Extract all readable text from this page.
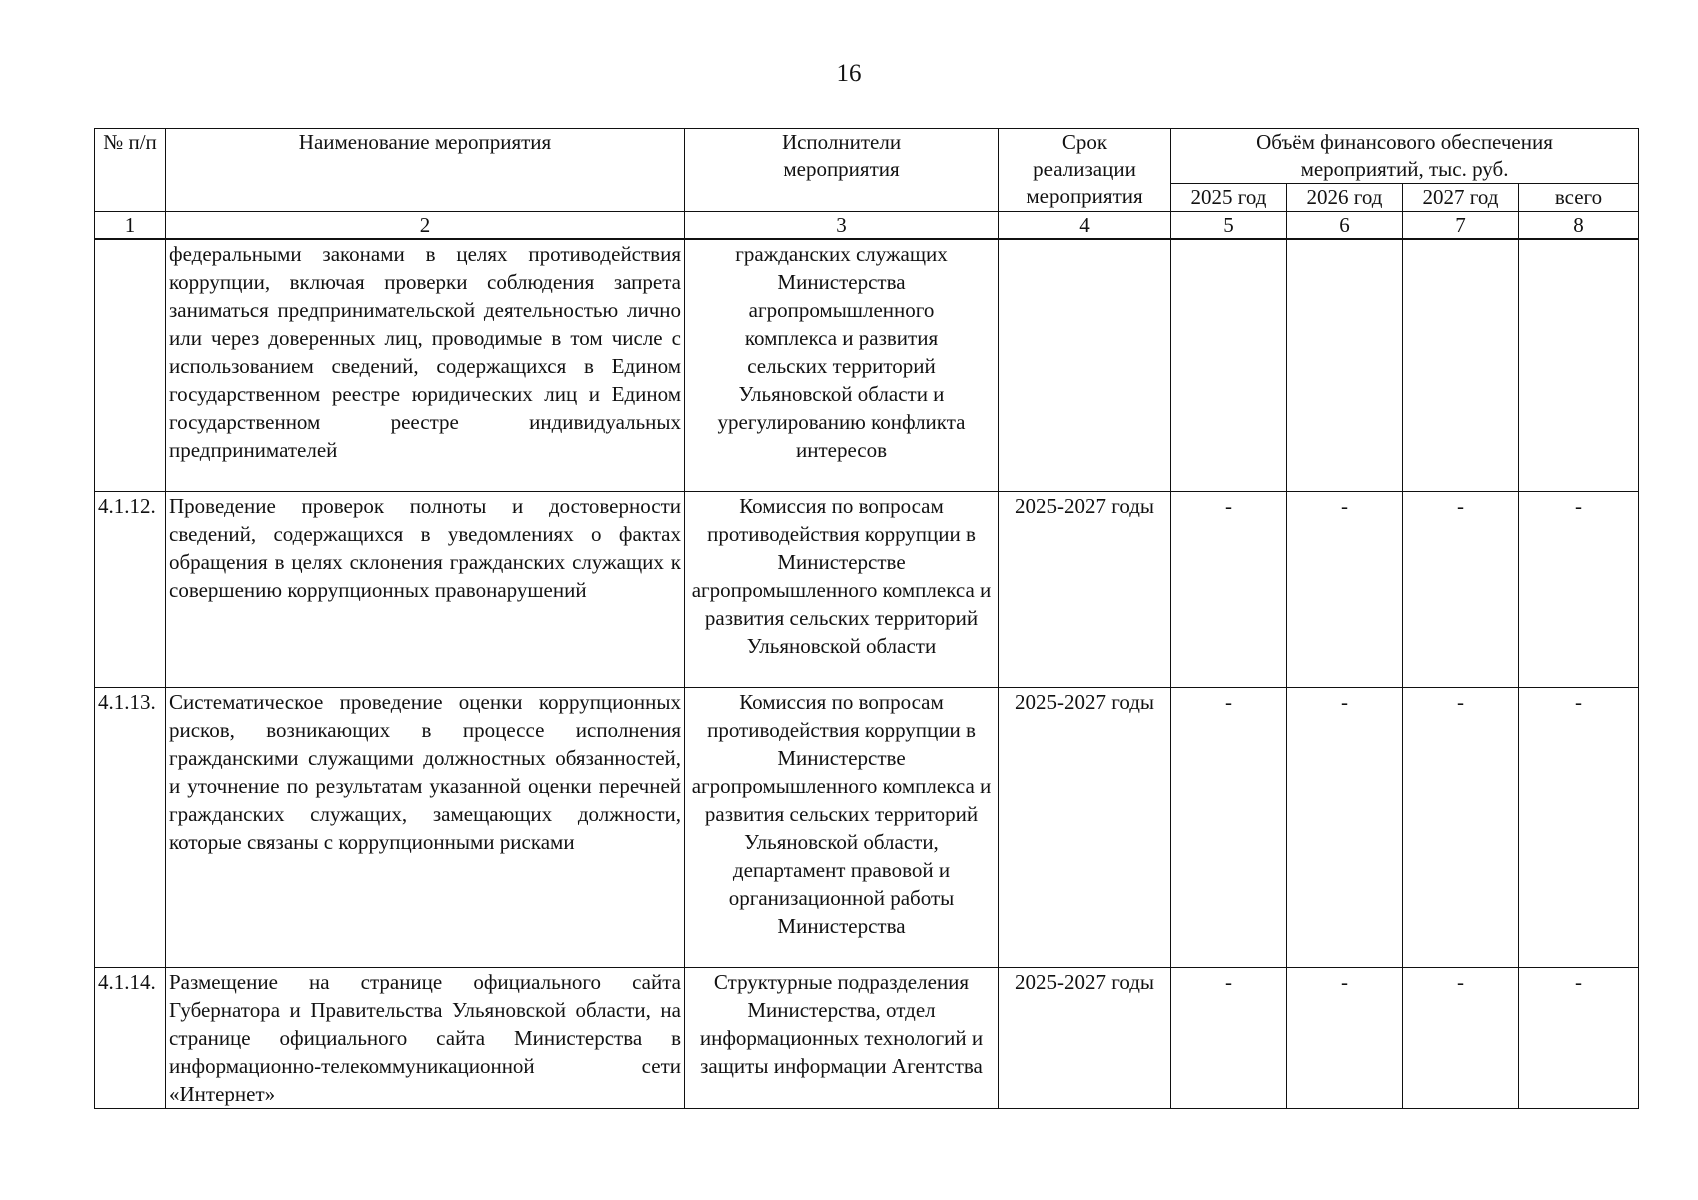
16
№ п/п	Наименование мероприятия	Исполнители мероприятия	Срок реализации мероприятия	Объём финансового обеспечения мероприятий, тыс. руб.			
				2025 год	2026 год	2027 год	всего
1	2	3	4	5	6	7	8
	федеральными законами в целях противодействия коррупции, включая проверки соблюдения запрета заниматься предпринимательской деятельностью лично или через доверенных лиц, проводимые в том числе с использованием сведений, содержащихся в Едином государственном реестре юридических лиц и Едином государственном реестре индивидуальных предпринимателей	гражданских служащих Министерства агропромышленного комплекса и развития сельских территорий Ульяновской области и урегулированию конфликта интересов					
4.1.12.	Проведение проверок полноты и достоверности сведений, содержащихся в уведомлениях о фактах обращения в целях склонения гражданских служащих к совершению коррупционных правонарушений	Комиссия по вопросам противодействия коррупции в Министерстве агропромышленного комплекса и развития сельских территорий Ульяновской области	2025-2027 годы	-	-	-	-
4.1.13.	Систематическое проведение оценки коррупционных рисков, возникающих в процессе исполнения гражданскими служащими должностных обязанностей, и уточнение по результатам указанной оценки перечней гражданских служащих, замещающих должности, которые связаны с коррупционными рисками	Комиссия по вопросам противодействия коррупции в Министерстве агропромышленного комплекса и развития сельских территорий Ульяновской области, департамент правовой и организационной работы Министерства	2025-2027 годы	-	-	-	-
4.1.14.	Размещение на странице официального сайта Губернатора и Правительства Ульяновской области, на странице официального сайта Министерства в информационно-телекоммуникационной сети «Интернет»	Структурные подразделения Министерства, отдел информационных технологий и защиты информации Агентства	2025-2027 годы	-	-	-	-
